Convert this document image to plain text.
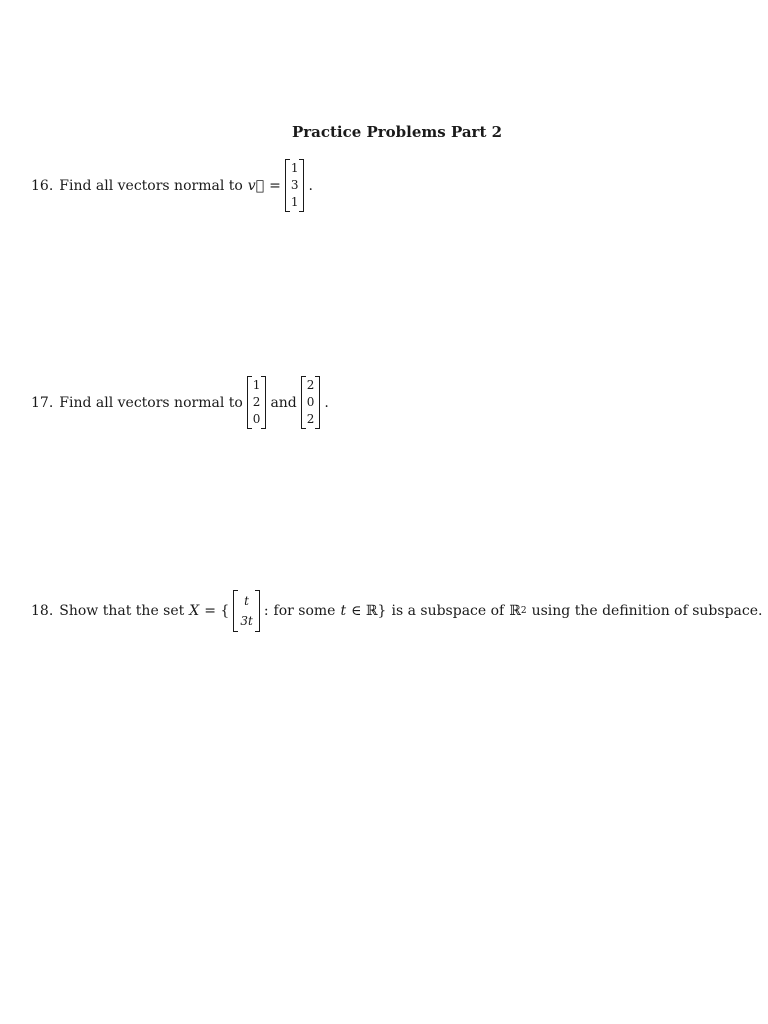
Practice Problems Part 2
16. Find all vectors normal to v⃗ =
1
3
1
.
17. Find all vectors normal to
1
2
0
and
2
0
2
.
18. Show that the set X = {
t
3t
: for some t ∈ ℝ} is a subspace of ℝ 2 using the definition of subspace.
